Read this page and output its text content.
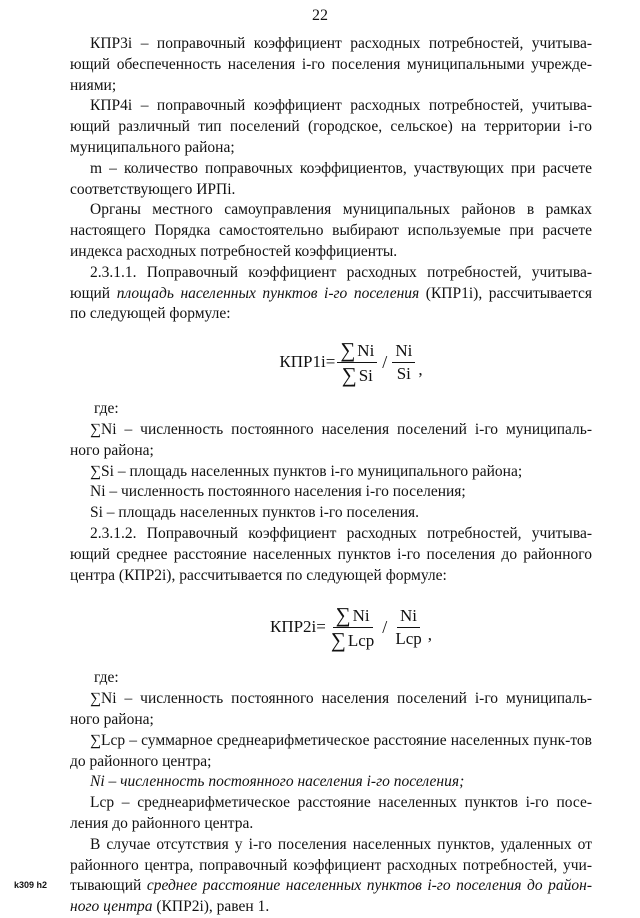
22

КПР3i – поправочный коэффициент расходных потребностей, учитыва-ющий обеспеченность населения i-го поселения муниципальными учрежде-ниями;

КПР4i – поправочный коэффициент расходных потребностей, учитыва-ющий различный тип поселений (городское, сельское) на территории i-го муниципального района;

m – количество поправочных коэффициентов, участвующих при расчете соответствующего ИРПi.

Органы местного самоуправления муниципальных районов в рамках настоящего Порядка самостоятельно выбирают используемые при расчете индекса расходных потребностей коэффициенты.

2.3.1.1. Поправочный коэффициент расходных потребностей, учитыва-ющий площадь населенных пунктов i-го поселения (КПР1i), рассчитывается по следующей формуле:

$КПР1i= \frac{\sum Ni}{\sum Si} / \frac{Ni}{Si}$ ,

где:

∑Ni – численность постоянного населения поселений i-го муниципаль-ного района;

∑Si – площадь населенных пунктов i-го муниципального района;

Ni – численность постоянного населения i-го поселения;

Si – площадь населенных пунктов i-го поселения.

2.3.1.2. Поправочный коэффициент расходных потребностей, учитыва-ющий среднее расстояние населенных пунктов i-го поселения до районного центра (КПР2i), рассчитывается по следующей формуле:

$КПР2i= \frac{\sum Ni}{\text{∑ Lср}} / \frac{Ni}{\text{Lср}}$ ,

где:

∑Ni – численность постоянного населения поселений i-го муниципаль-ного района;

∑Lср – суммарное среднеарифметическое расстояние населенных пунк-тов до районного центра;

Ni – численность постоянного населения i-го поселения;

Lср – среднеарифметическое расстояние населенных пунктов i-го посе-ления до районного центра.

В случае отсутствия у i-го поселения населенных пунктов, удаленных от районного центра, поправочный коэффициент расходных потребностей, учи-тывающий среднее расстояние населенных пунктов i-го поселения до район-ного центра (КПР2i), равен 1.

k309 h2
